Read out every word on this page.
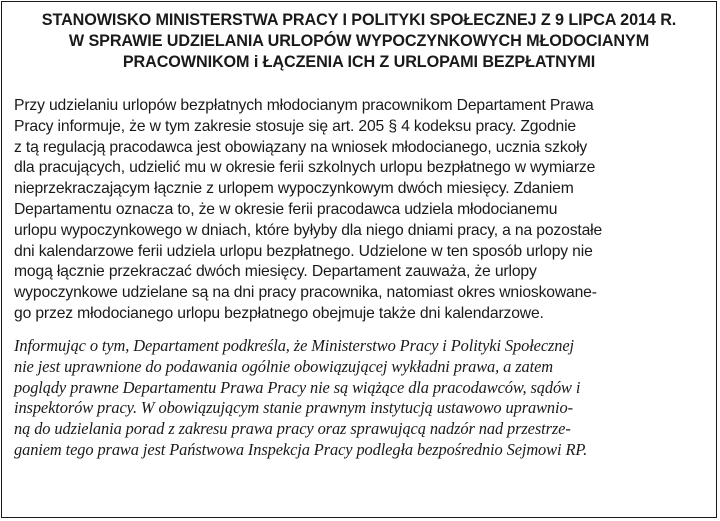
STANOWISKO MINISTERSTWA PRACY I POLITYKI SPOŁECZNEJ Z 9 LIPCA 2014 R.
W SPRAWIE UDZIELANIA URLOPÓW WYPOCZYNKOWYCH MŁODOCIANYM
PRACOWNIKOM i ŁĄCZENIA ICH Z URLOPAMI BEZPŁATNYMI
Przy udzielaniu urlopów bezpłatnych młodocianym pracownikom Departament Prawa
Pracy informuje, że w tym zakresie stosuje się art. 205 § 4 kodeksu pracy. Zgodnie
z tą regulacją pracodawca jest obowiązany na wniosek młodocianego, ucznia szkoły
dla pracujących, udzielić mu w okresie ferii szkolnych urlopu bezpłatnego w wymiarze
nieprzekraczającym łącznie z urlopem wypoczynkowym dwóch miesięcy. Zdaniem
Departamentu oznacza to, że w okresie ferii pracodawca udziela młodocianemu
urlopu wypoczynkowego w dniach, które byłyby dla niego dniami pracy, a na pozostałe
dni kalendarzowe ferii udziela urlopu bezpłatnego. Udzielone w ten sposób urlopy nie
mogą łącznie przekraczać dwóch miesięcy. Departament zauważa, że urlopy
wypoczynkowe udzielane są na dni pracy pracownika, natomiast okres wnioskowane-
go przez młodocianego urlopu bezpłatnego obejmuje także dni kalendarzowe.
Informując o tym, Departament podkreśla, że Ministerstwo Pracy i Polityki Społecznej
nie jest uprawnione do podawania ogólnie obowiązującej wykładni prawa, a zatem
poglądy prawne Departamentu Prawa Pracy nie są wiążące dla pracodawców, sądów i
inspektorów pracy. W obowiązującym stanie prawnym instytucją ustawowo uprawnio-
ną do udzielania porad z zakresu prawa pracy oraz sprawującą nadzór nad przestrze-
ganiem tego prawa jest Państwowa Inspekcja Pracy podległa bezpośrednio Sejmowi RP.
